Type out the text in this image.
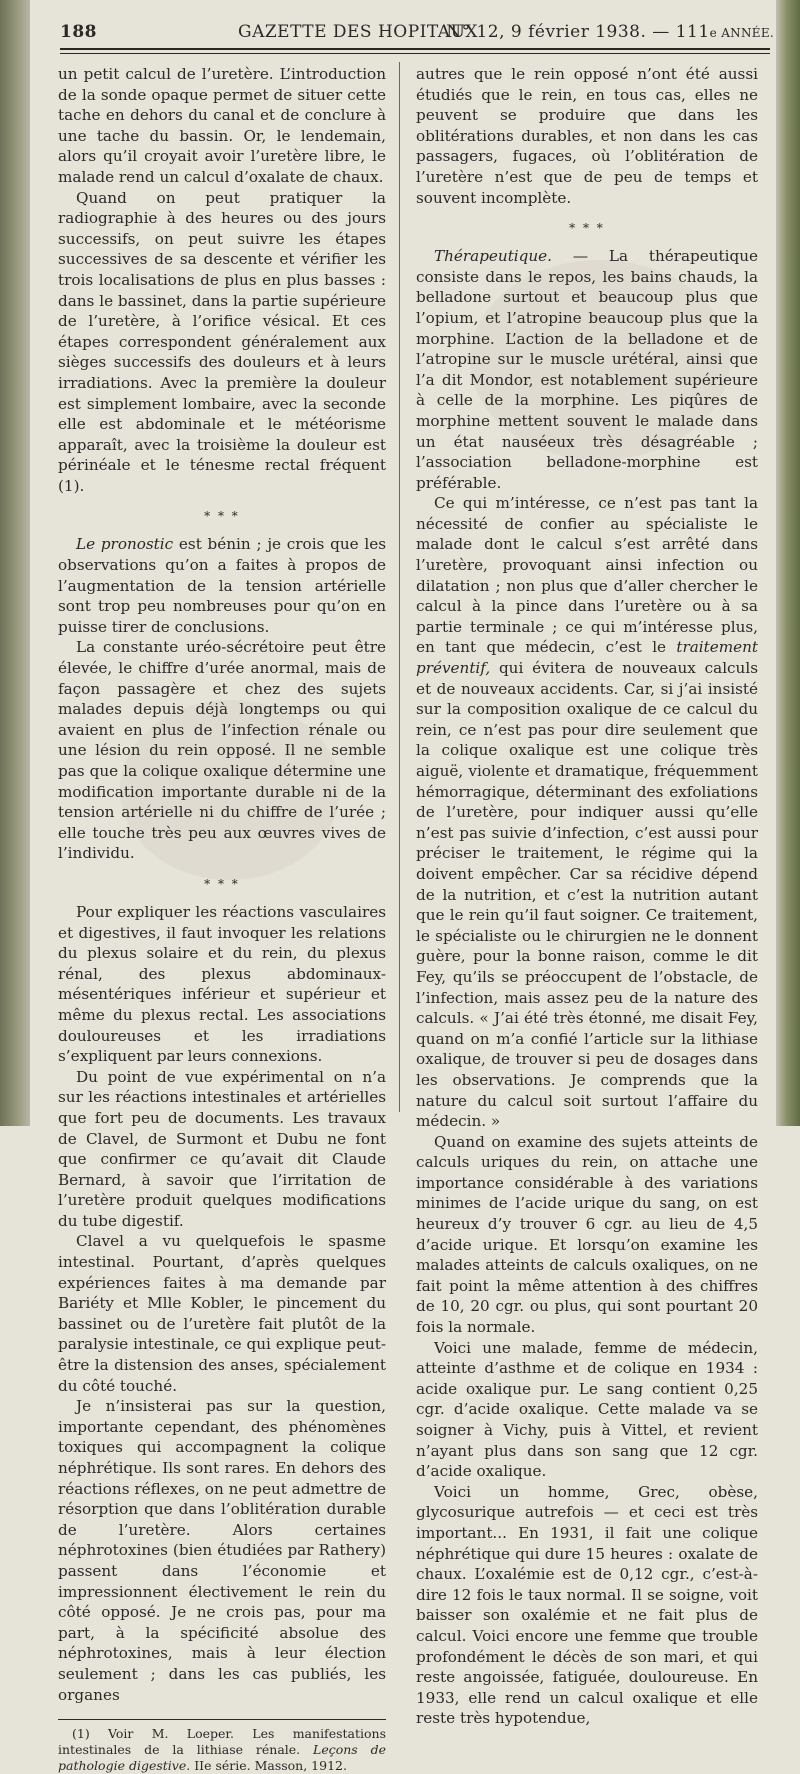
188	GAZETTE DES HOPITAUX
N° 12, 9 février 1938. — 111e ANNÉE.

un petit calcul de l’uretère. L’introduction de la sonde opaque permet de situer cette tache en dehors du canal et de conclure à une tache du bassin. Or, le lendemain, alors qu’il croyait avoir l’uretère libre, le malade rend un calcul d’oxalate de chaux.

Quand on peut pratiquer la radiographie à des heures ou des jours successifs, on peut suivre les étapes successives de sa descente et vérifier les trois localisations de plus en plus basses : dans le bassinet, dans la partie supérieure de l’uretère, à l’orifice vésical. Et ces étapes correspondent généralement aux sièges successifs des douleurs et à leurs irradiations. Avec la première la douleur est simplement lombaire, avec la seconde elle est abdominale et le météorisme apparaît, avec la troisième la douleur est périnéale et le ténesme rectal fréquent (1).

* * *

Le pronostic est bénin ; je crois que les observations qu’on a faites à propos de l’augmentation de la tension artérielle sont trop peu nombreuses pour qu’on en puisse tirer de conclusions.

La constante uréo-sécrétoire peut être élevée, le chiffre d’urée anormal, mais de façon passagère et chez des sujets malades depuis déjà longtemps ou qui avaient en plus de l’infection rénale ou une lésion du rein opposé. Il ne semble pas que la colique oxalique détermine une modification importante durable ni de la tension artérielle ni du chiffre de l’urée ; elle touche très peu aux œuvres vives de l’individu.

* * *

Pour expliquer les réactions vasculaires et digestives, il faut invoquer les relations du plexus solaire et du rein, du plexus rénal, des plexus abdominaux-mésentériques inférieur et supérieur et même du plexus rectal. Les associations douloureuses et les irradiations s’expliquent par leurs connexions.

Du point de vue expérimental on n’a sur les réactions intestinales et artérielles que fort peu de documents. Les travaux de Clavel, de Surmont et Dubu ne font que confirmer ce qu’avait dit Claude Bernard, à savoir que l’irritation de l’uretère produit quelques modifications du tube digestif.

Clavel a vu quelquefois le spasme intestinal. Pourtant, d’après quelques expériences faites à ma demande par Bariéty et Mlle Kobler, le pincement du bassinet ou de l’uretère fait plutôt de la paralysie intestinale, ce qui explique peut-être la distension des anses, spécialement du côté touché.

Je n’insisterai pas sur la question, importante cependant, des phénomènes toxiques qui accompagnent la colique néphrétique. Ils sont rares. En dehors des réactions réflexes, on ne peut admettre de résorption que dans l’oblitération durable de l’uretère. Alors certaines néphrotoxines (bien étudiées par Rathery) passent dans l’économie et impressionnent électivement le rein du côté opposé. Je ne crois pas, pour ma part, à la spécificité absolue des néphrotoxines, mais à leur élection seulement ; dans les cas publiés, les organes

(1) Voir M. Loeper. Les manifestations intestinales de la lithiase rénale. Leçons de pathologie digestive. IIe série. Masson, 1912.

autres que le rein opposé n’ont été aussi étudiés que le rein, en tous cas, elles ne peuvent se produire que dans les oblitérations durables, et non dans les cas passagers, fugaces, où l’oblitération de l’uretère n’est que de peu de temps et souvent incomplète.

* * *

Thérapeutique. — La thérapeutique consiste dans le repos, les bains chauds, la belladone surtout et beaucoup plus que l’opium, et l’atropine beaucoup plus que la morphine. L’action de la belladone et de l’atropine sur le muscle urétéral, ainsi que l’a dit Mondor, est notablement supérieure à celle de la morphine. Les piqûres de morphine mettent souvent le malade dans un état nauséeux très désagréable ; l’association belladone-morphine est préférable.

Ce qui m’intéresse, ce n’est pas tant la nécessité de confier au spécialiste le malade dont le calcul s’est arrêté dans l’uretère, provoquant ainsi infection ou dilatation ; non plus que d’aller chercher le calcul à la pince dans l’uretère ou à sa partie terminale ; ce qui m’intéresse plus, en tant que médecin, c’est le traitement préventif, qui évitera de nouveaux calculs et de nouveaux accidents. Car, si j’ai insisté sur la composition oxalique de ce calcul du rein, ce n’est pas pour dire seulement que la colique oxalique est une colique très aiguë, violente et dramatique, fréquemment hémorragique, déterminant des exfoliations de l’uretère, pour indiquer aussi qu’elle n’est pas suivie d’infection, c’est aussi pour préciser le traitement, le régime qui la doivent empêcher. Car sa récidive dépend de la nutrition, et c’est la nutrition autant que le rein qu’il faut soigner. Ce traitement, le spécialiste ou le chirurgien ne le donnent guère, pour la bonne raison, comme le dit Fey, qu’ils se préoccupent de l’obstacle, de l’infection, mais assez peu de la nature des calculs. « J’ai été très étonné, me disait Fey, quand on m’a confié l’article sur la lithiase oxalique, de trouver si peu de dosages dans les observations. Je comprends que la nature du calcul soit surtout l’affaire du médecin. »

Quand on examine des sujets atteints de calculs uriques du rein, on attache une importance considérable à des variations minimes de l’acide urique du sang, on est heureux d’y trouver 6 cgr. au lieu de 4,5 d’acide urique. Et lorsqu’on examine les malades atteints de calculs oxaliques, on ne fait point la même attention à des chiffres de 10, 20 cgr. ou plus, qui sont pourtant 20 fois la normale.

Voici une malade, femme de médecin, atteinte d’asthme et de colique en 1934 : acide oxalique pur. Le sang contient 0,25 cgr. d’acide oxalique. Cette malade va se soigner à Vichy, puis à Vittel, et revient n’ayant plus dans son sang que 12 cgr. d’acide oxalique.

Voici un homme, Grec, obèse, glycosurique autrefois — et ceci est très important... En 1931, il fait une colique néphrétique qui dure 15 heures : oxalate de chaux. L’oxalémie est de 0,12 cgr., c’est-à-dire 12 fois le taux normal. Il se soigne, voit baisser son oxalémie et ne fait plus de calcul. Voici encore une femme que trouble profondément le décès de son mari, et qui reste angoissée, fatiguée, douloureuse. En 1933, elle rend un calcul oxalique et elle reste très hypotendue,
